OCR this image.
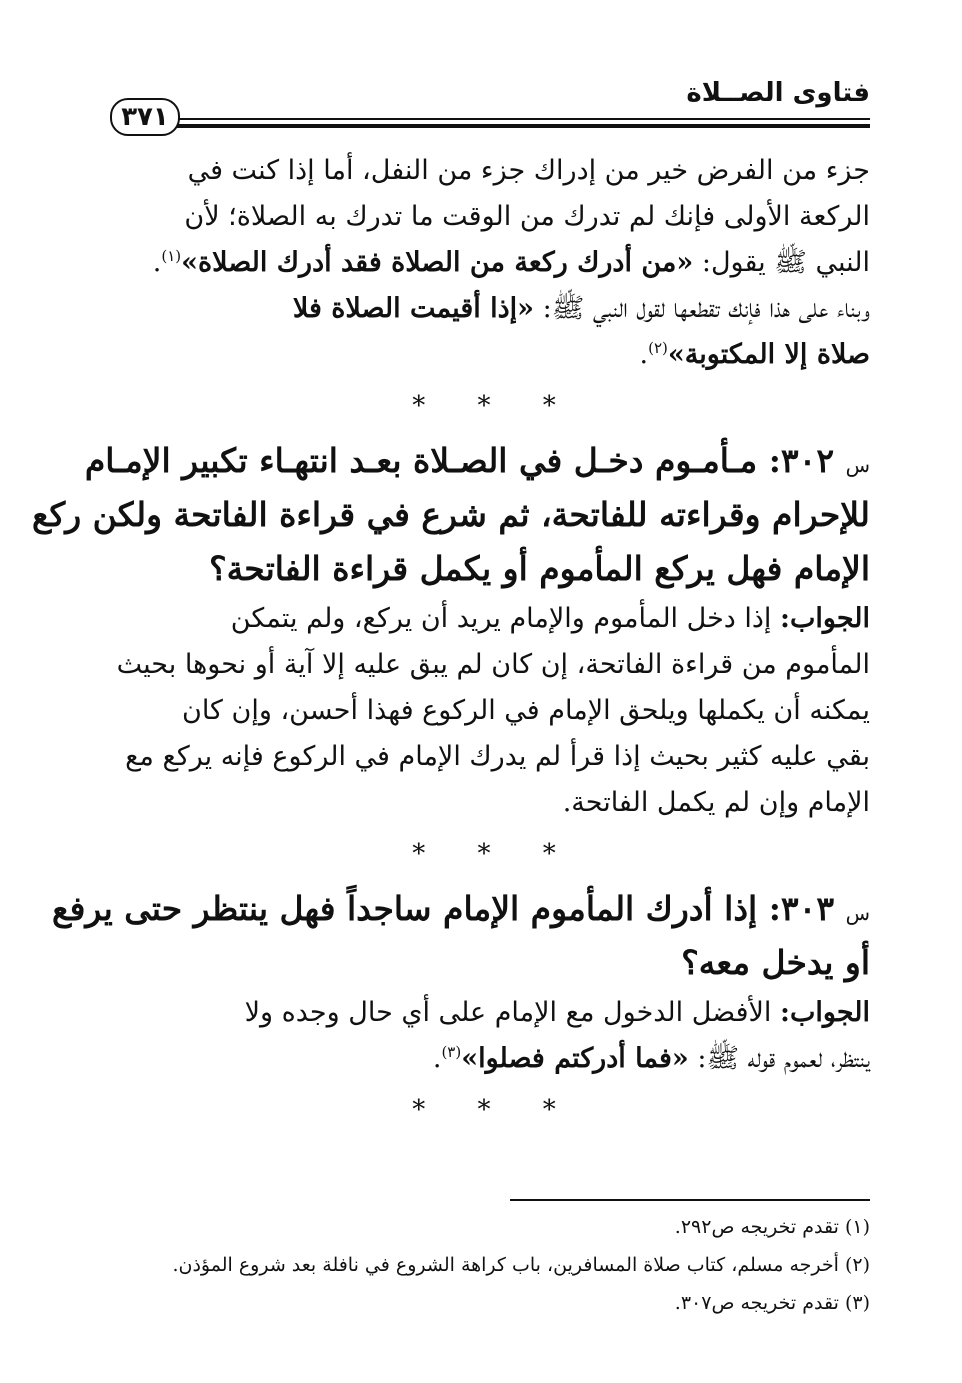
فتاوى الصــلاة
٣٧١
جزء من الفرض خير من إدراك جزء من النفل، أما إذا كنت في
الركعة الأولى فإنك لم تدرك من الوقت ما تدرك به الصلاة؛ لأن
النبي ﷺ يقول: «من أدرك ركعة من الصلاة فقد أدرك الصلاة»$^{(١)}$.
وبناء على هذا فإنك تقطعها لقول النبي ﷺ: «إذا أقيمت الصلاة فلا
صلاة إلا المكتوبة»$^{(٢)}$.
* * *
س ٣٠٢: مـأمـوم دخـل في الصـلاة بعـد انتهـاء تكبير الإمـام
للإحرام وقراءته للفاتحة، ثم شرع في قراءة الفاتحة ولكن ركع
الإمام فهل يركع المأموم أو يكمل قراءة الفاتحة؟
الجواب: إذا دخل المأموم والإمام يريد أن يركع، ولم يتمكن
المأموم من قراءة الفاتحة، إن كان لم يبق عليه إلا آية أو نحوها بحيث
يمكنه أن يكملها ويلحق الإمام في الركوع فهذا أحسن، وإن كان
بقي عليه كثير بحيث إذا قرأ لم يدرك الإمام في الركوع فإنه يركع مع
الإمام وإن لم يكمل الفاتحة.
* * *
س ٣٠٣: إذا أدرك المأموم الإمام ساجداً فهل ينتظر حتى يرفع
أو يدخل معه؟
الجواب: الأفضل الدخول مع الإمام على أي حال وجده ولا
ينتظر، لعموم قوله ﷺ: «فما أدركتم فصلوا»$^{(٣)}$.
* * *
(١) تقدم تخريجه ص٢٩٢.
(٢) أخرجه مسلم، كتاب صلاة المسافرين، باب كراهة الشروع في نافلة بعد شروع المؤذن.
(٣) تقدم تخريجه ص٣٠٧.
